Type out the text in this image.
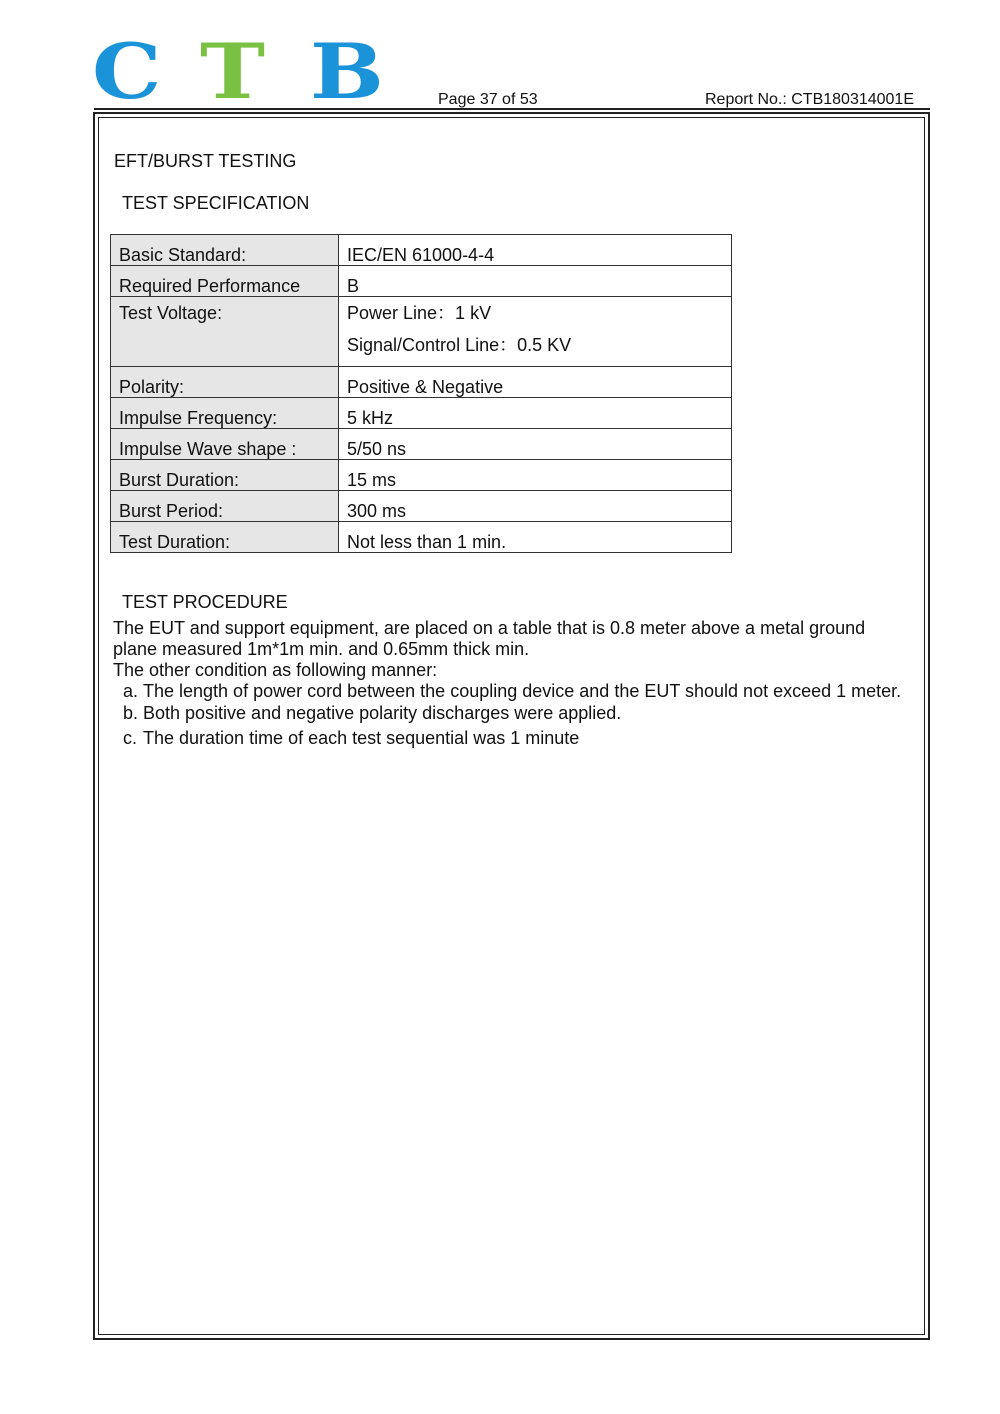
C T B	Page 37 of 53	Report No.: CTB180314001E
EFT/BURST TESTING
TEST SPECIFICATION
Basic Standard:	IEC/EN 61000-4-4
Required Performance	B
Test Voltage:	Power Line：1 kV
Signal/Control Line：0.5 KV

Polarity:	Positive & Negative
Impulse Frequency:	5 kHz
Impulse Wave shape :	5/50 ns
Burst Duration:	15 ms
Burst Period:	300 ms
Test Duration:	Not less than 1 min.
TEST PROCEDURE

The EUT and support equipment, are placed on a table that is 0.8 meter above a metal ground plane measured 1m*1m min. and 0.65mm thick min.

The other condition as following manner:

a. The length of power cord between the coupling device and the EUT should not exceed 1 meter.
b. Both positive and negative polarity discharges were applied.
c. The duration time of each test sequential was 1 minute
